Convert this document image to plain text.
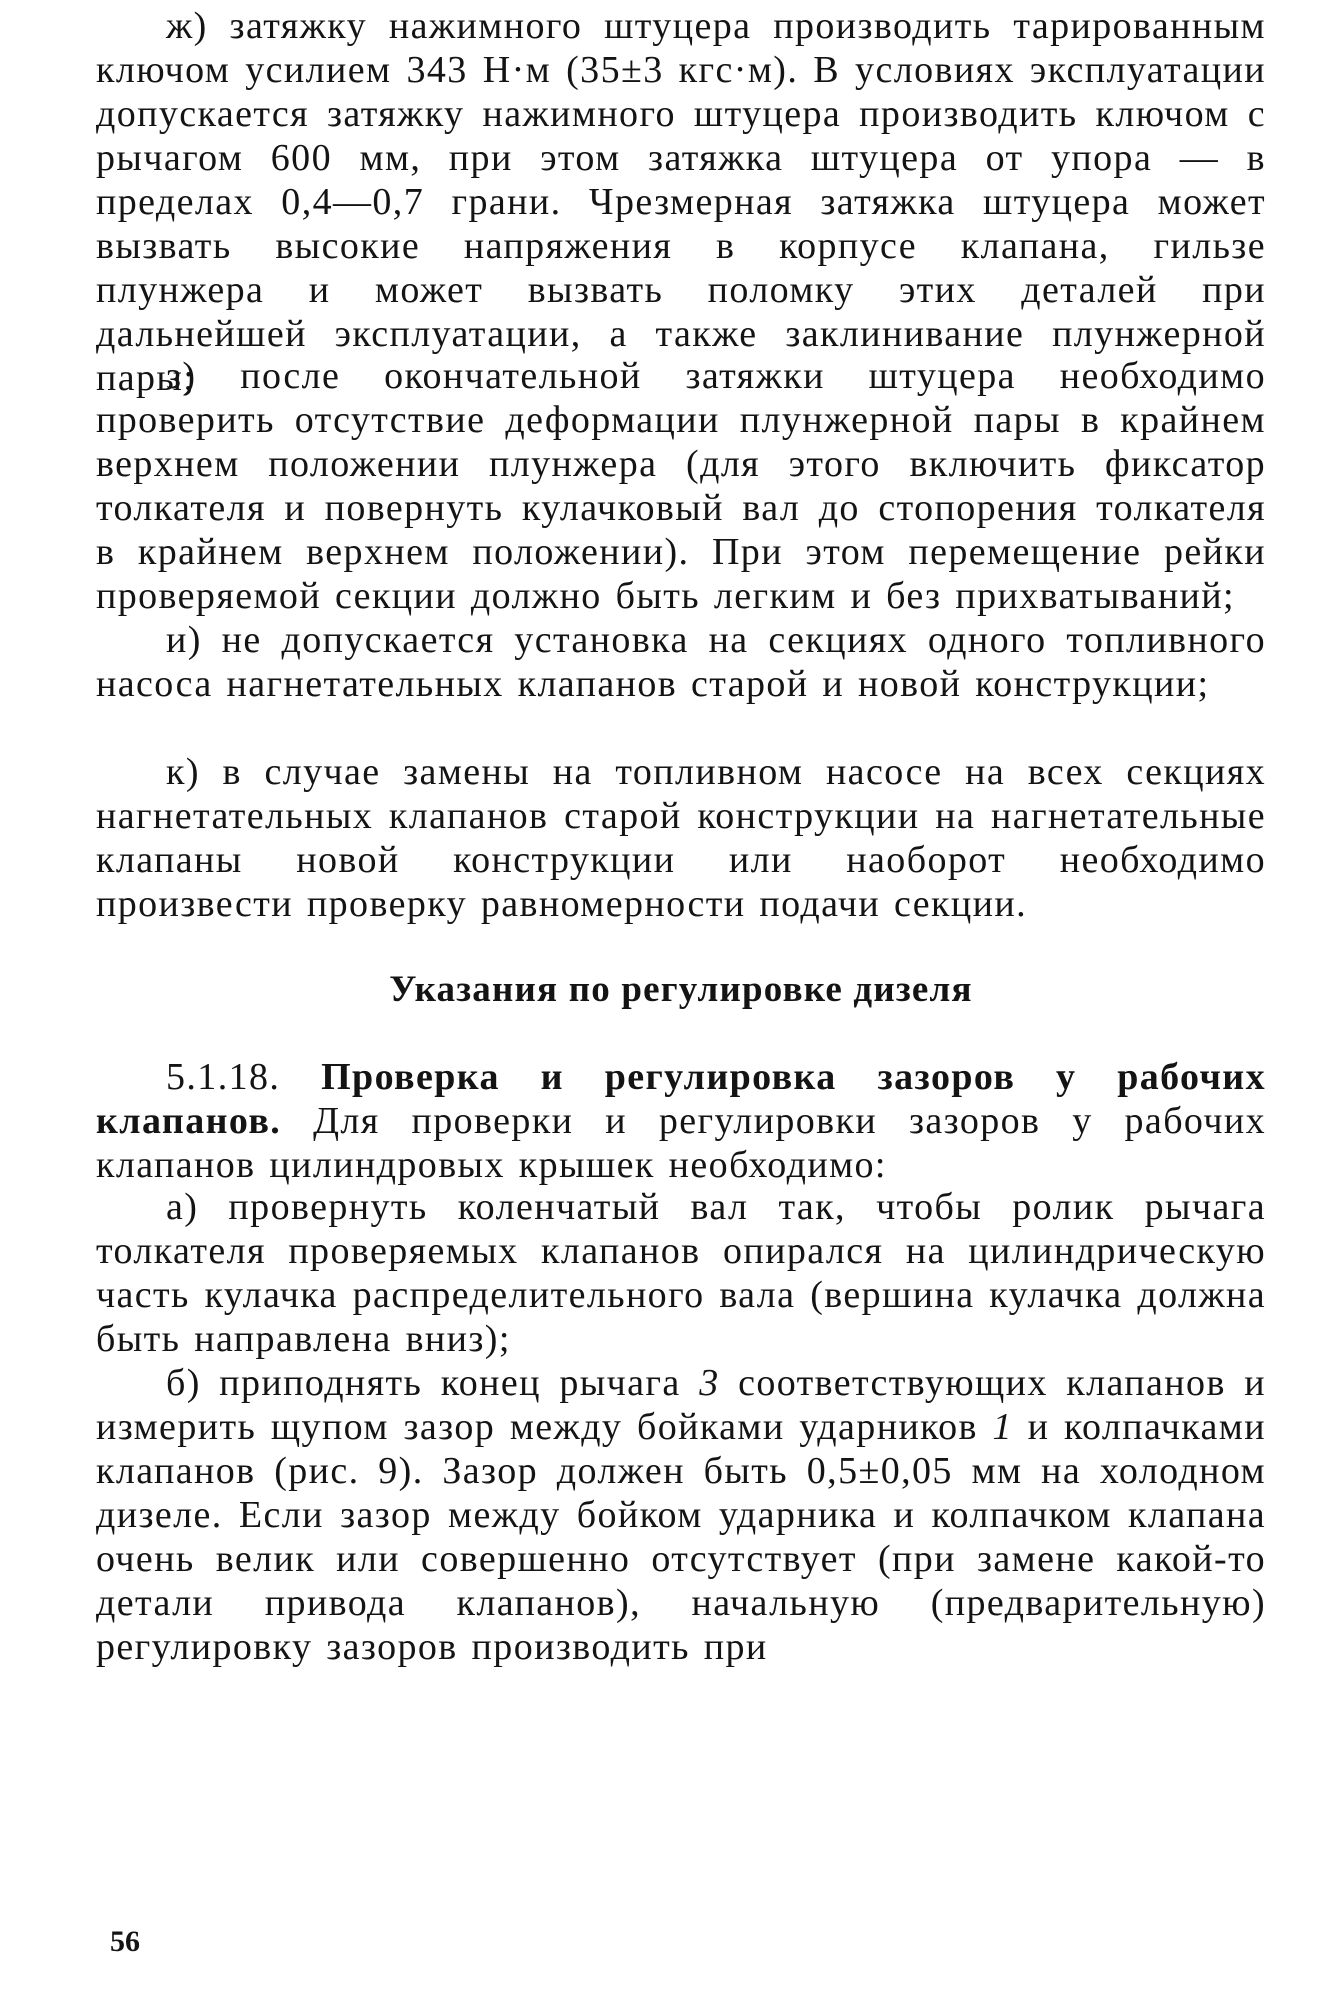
ж) затяжку нажимного штуцера производить тарированным ключом усилием 343 Н·м (35±3 кгс·м). В условиях эксплуатации допускается затяжку нажимного штуцера производить ключом с рычагом 600 мм, при этом затяжка штуцера от упора — в пределах 0,4—0,7 грани. Чрезмерная затяжка штуцера может вызвать высокие напряжения в корпусе клапана, гильзе плунжера и может вызвать поломку этих деталей при дальнейшей эксплуатации, а также заклинивание плунжерной пары;

з) после окончательной затяжки штуцера необходимо проверить отсутствие деформации плунжерной пары в крайнем верхнем положении плунжера (для этого включить фиксатор толкателя и повернуть кулачковый вал до стопорения толкателя в крайнем верхнем положении). При этом перемещение рейки проверяемой секции должно быть легким и без прихватываний;

и) не допускается установка на секциях одного топливного насоса нагнетательных клапанов старой и новой конструкции;

к) в случае замены на топливном насосе на всех секциях нагнетательных клапанов старой конструкции на нагнетательные клапаны новой конструкции или наоборот необходимо произвести проверку равномерности подачи секции.

Указания по регулировке дизеля

5.1.18. Проверка и регулировка зазоров у рабочих клапанов. Для проверки и регулировки зазоров у рабочих клапанов цилиндровых крышек необходимо:

а) провернуть коленчатый вал так, чтобы ролик рычага толкателя проверяемых клапанов опирался на цилиндрическую часть кулачка распределительного вала (вершина кулачка должна быть направлена вниз);

б) приподнять конец рычага 3 соответствующих клапанов и измерить щупом зазор между бойками ударников 1 и колпачками клапанов (рис. 9). Зазор должен быть 0,5±0,05 мм на холодном дизеле. Если зазор между бойком ударника и колпачком клапана очень велик или совершенно отсутствует (при замене какой-то детали привода клапанов), начальную (предварительную) регулировку зазоров производить при

56
